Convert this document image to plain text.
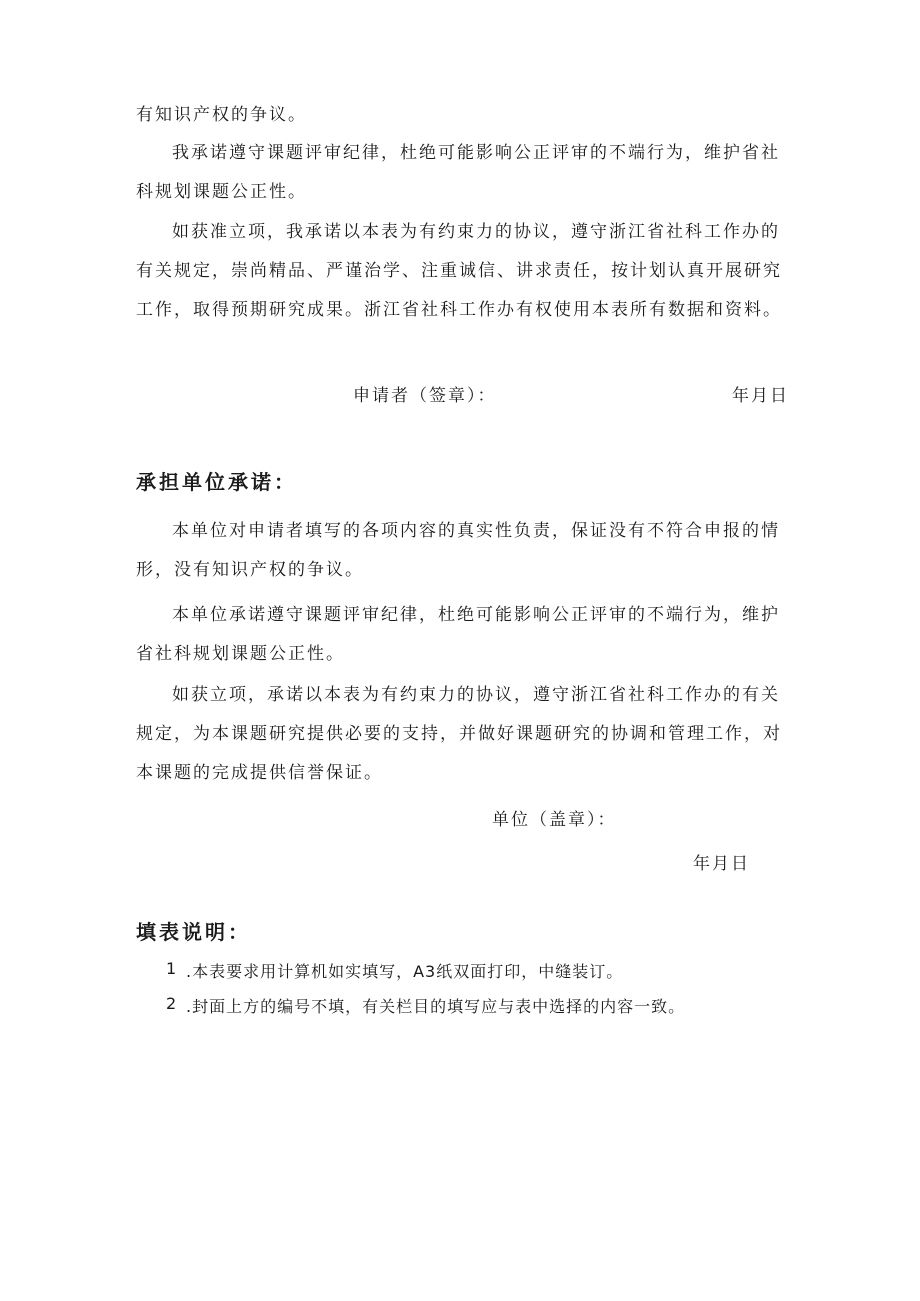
有知识产权的争议。

我承诺遵守课题评审纪律，杜绝可能影响公正评审的不端行为，维护省社科规划课题公正性。

如获准立项，我承诺以本表为有约束力的协议，遵守浙江省社科工作办的有关规定，崇尚精品、严谨治学、注重诚信、讲求责任，按计划认真开展研究工作，取得预期研究成果。浙江省社科工作办有权使用本表所有数据和资料。

申请者（签章）：	年月日
承担单位承诺：

本单位对申请者填写的各项内容的真实性负责，保证没有不符合申报的情形，没有知识产权的争议。

本单位承诺遵守课题评审纪律，杜绝可能影响公正评审的不端行为，维护省社科规划课题公正性。

如获立项，承诺以本表为有约束力的协议，遵守浙江省社科工作办的有关规定，为本课题研究提供必要的支持，并做好课题研究的协调和管理工作，对本课题的完成提供信誉保证。

单位（盖章）：
年月日
填表说明：
1 .本表要求用计算机如实填写，A3纸双面打印，中缝装订。
2 .封面上方的编号不填，有关栏目的填写应与表中选择的内容一致。
